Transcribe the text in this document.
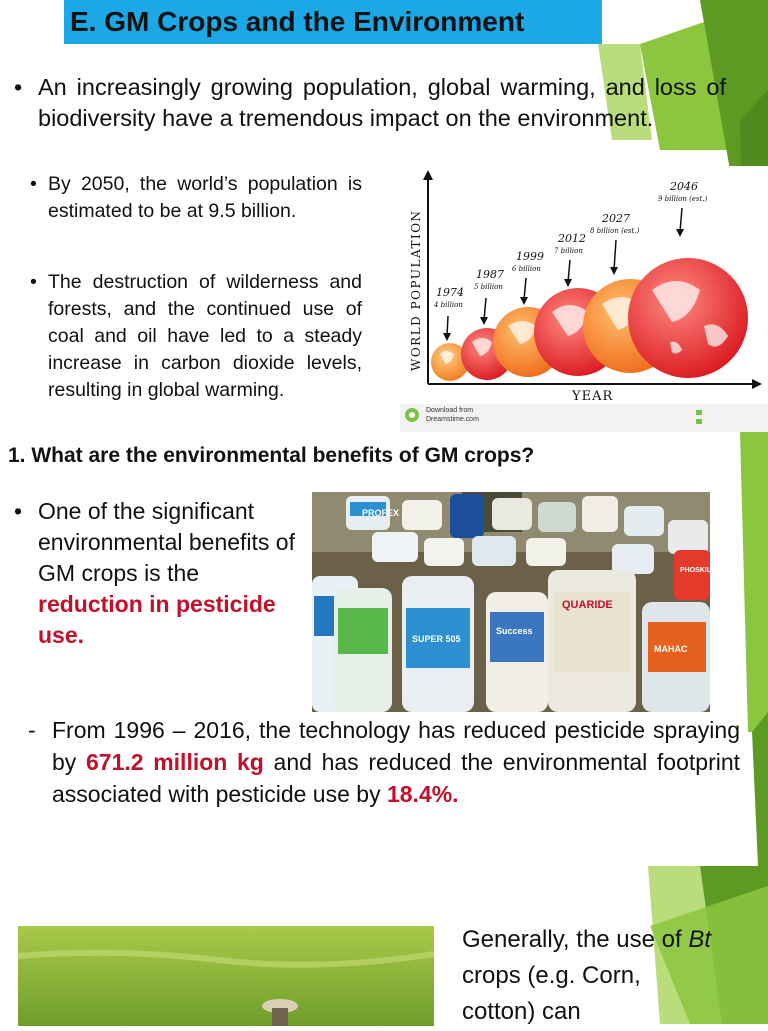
E. GM Crops and the Environment
• An increasingly growing population, global warming, and loss of biodiversity have a tremendous impact on the environment.
• By 2050, the world’s population is estimated to be at 9.5 billion.
• The destruction of wilderness and forests, and the continued use of coal and oil have led to a steady increase in carbon dioxide levels, resulting in global warming.
WORLD POPULATION
YEAR
1974
4 billion
1987
5 billion
1999
6 billion
2012
7 billion
2027
8 billion (est.)
2046
9 billion (est.)
Download from
Dreamstime.com
1. What are the environmental benefits of GM crops?
• One of the significant environmental benefits of GM crops is the reduction in pesticide use.
PROFEX
SUPER 505
Success
QUARIDE
PHOSKILL
MAHAC
- From 1996 – 2016, the technology has reduced pesticide spraying by 671.2 million kg and has reduced the environmental footprint associated with pesticide use by 18.4%.
Generally, the use of Bt crops (e.g. Corn, cotton) can
